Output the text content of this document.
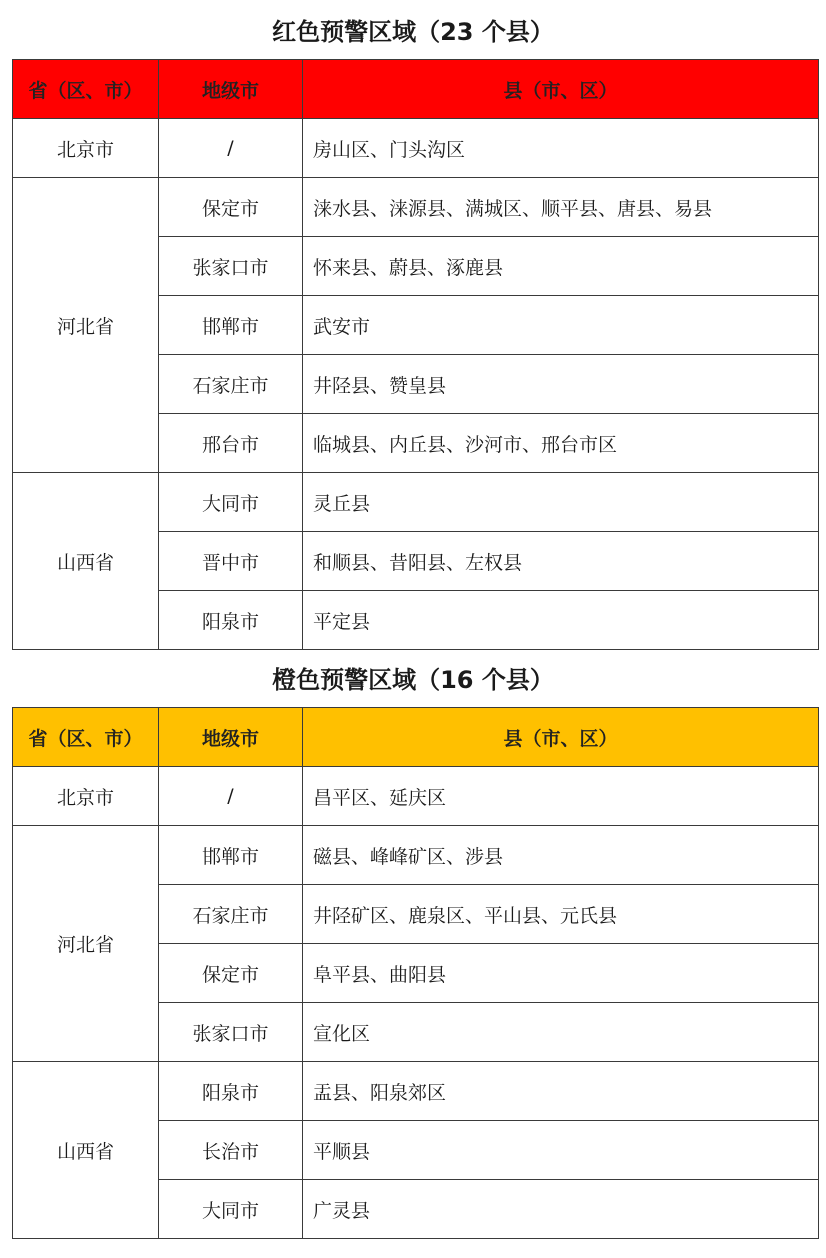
红色预警区域（23 个县）
省（区、市）	地级市	县（市、区）
北京市	/	房山区、门头沟区
河北省	保定市	涞水县、涞源县、满城区、顺平县、唐县、易县
	张家口市	怀来县、蔚县、涿鹿县
	邯郸市	武安市
	石家庄市	井陉县、赞皇县
	邢台市	临城县、内丘县、沙河市、邢台市区
山西省	大同市	灵丘县
	晋中市	和顺县、昔阳县、左权县
	阳泉市	平定县
橙色预警区域（16 个县）
省（区、市）	地级市	县（市、区）
北京市	/	昌平区、延庆区
河北省	邯郸市	磁县、峰峰矿区、涉县
	石家庄市	井陉矿区、鹿泉区、平山县、元氏县
	保定市	阜平县、曲阳县
	张家口市	宣化区
山西省	阳泉市	盂县、阳泉郊区
	长治市	平顺县
	大同市	广灵县
